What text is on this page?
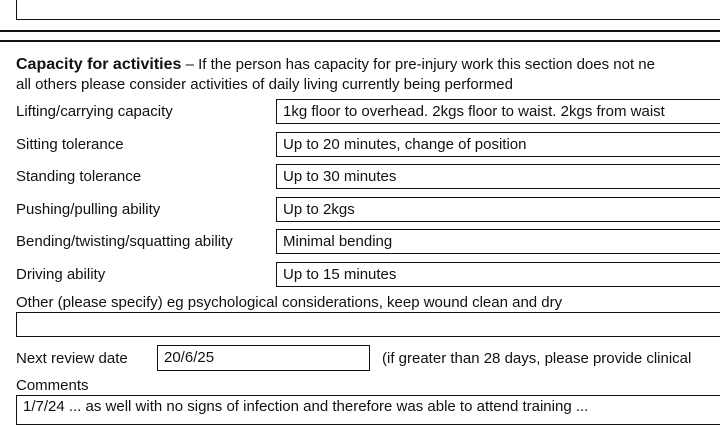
Capacity for activities – If the person has capacity for pre-injury work this section does not ne
all others please consider activities of daily living currently being performed
Lifting/carrying capacity	1kg floor to overhead. 2kgs floor to waist. 2kgs from waist
Sitting tolerance	Up to 20 minutes, change of position
Standing tolerance	Up to 30 minutes
Pushing/pulling ability	Up to 2kgs
Bending/twisting/squatting ability	Minimal bending
Driving ability	Up to 15 minutes
Other (please specify) eg psychological considerations, keep wound clean and dry
Next review date 20/6/25	(if greater than 28 days, please provide clinical
Comments
1/7/24 ... as well with no signs of infection and therefore was able to attend training ...
